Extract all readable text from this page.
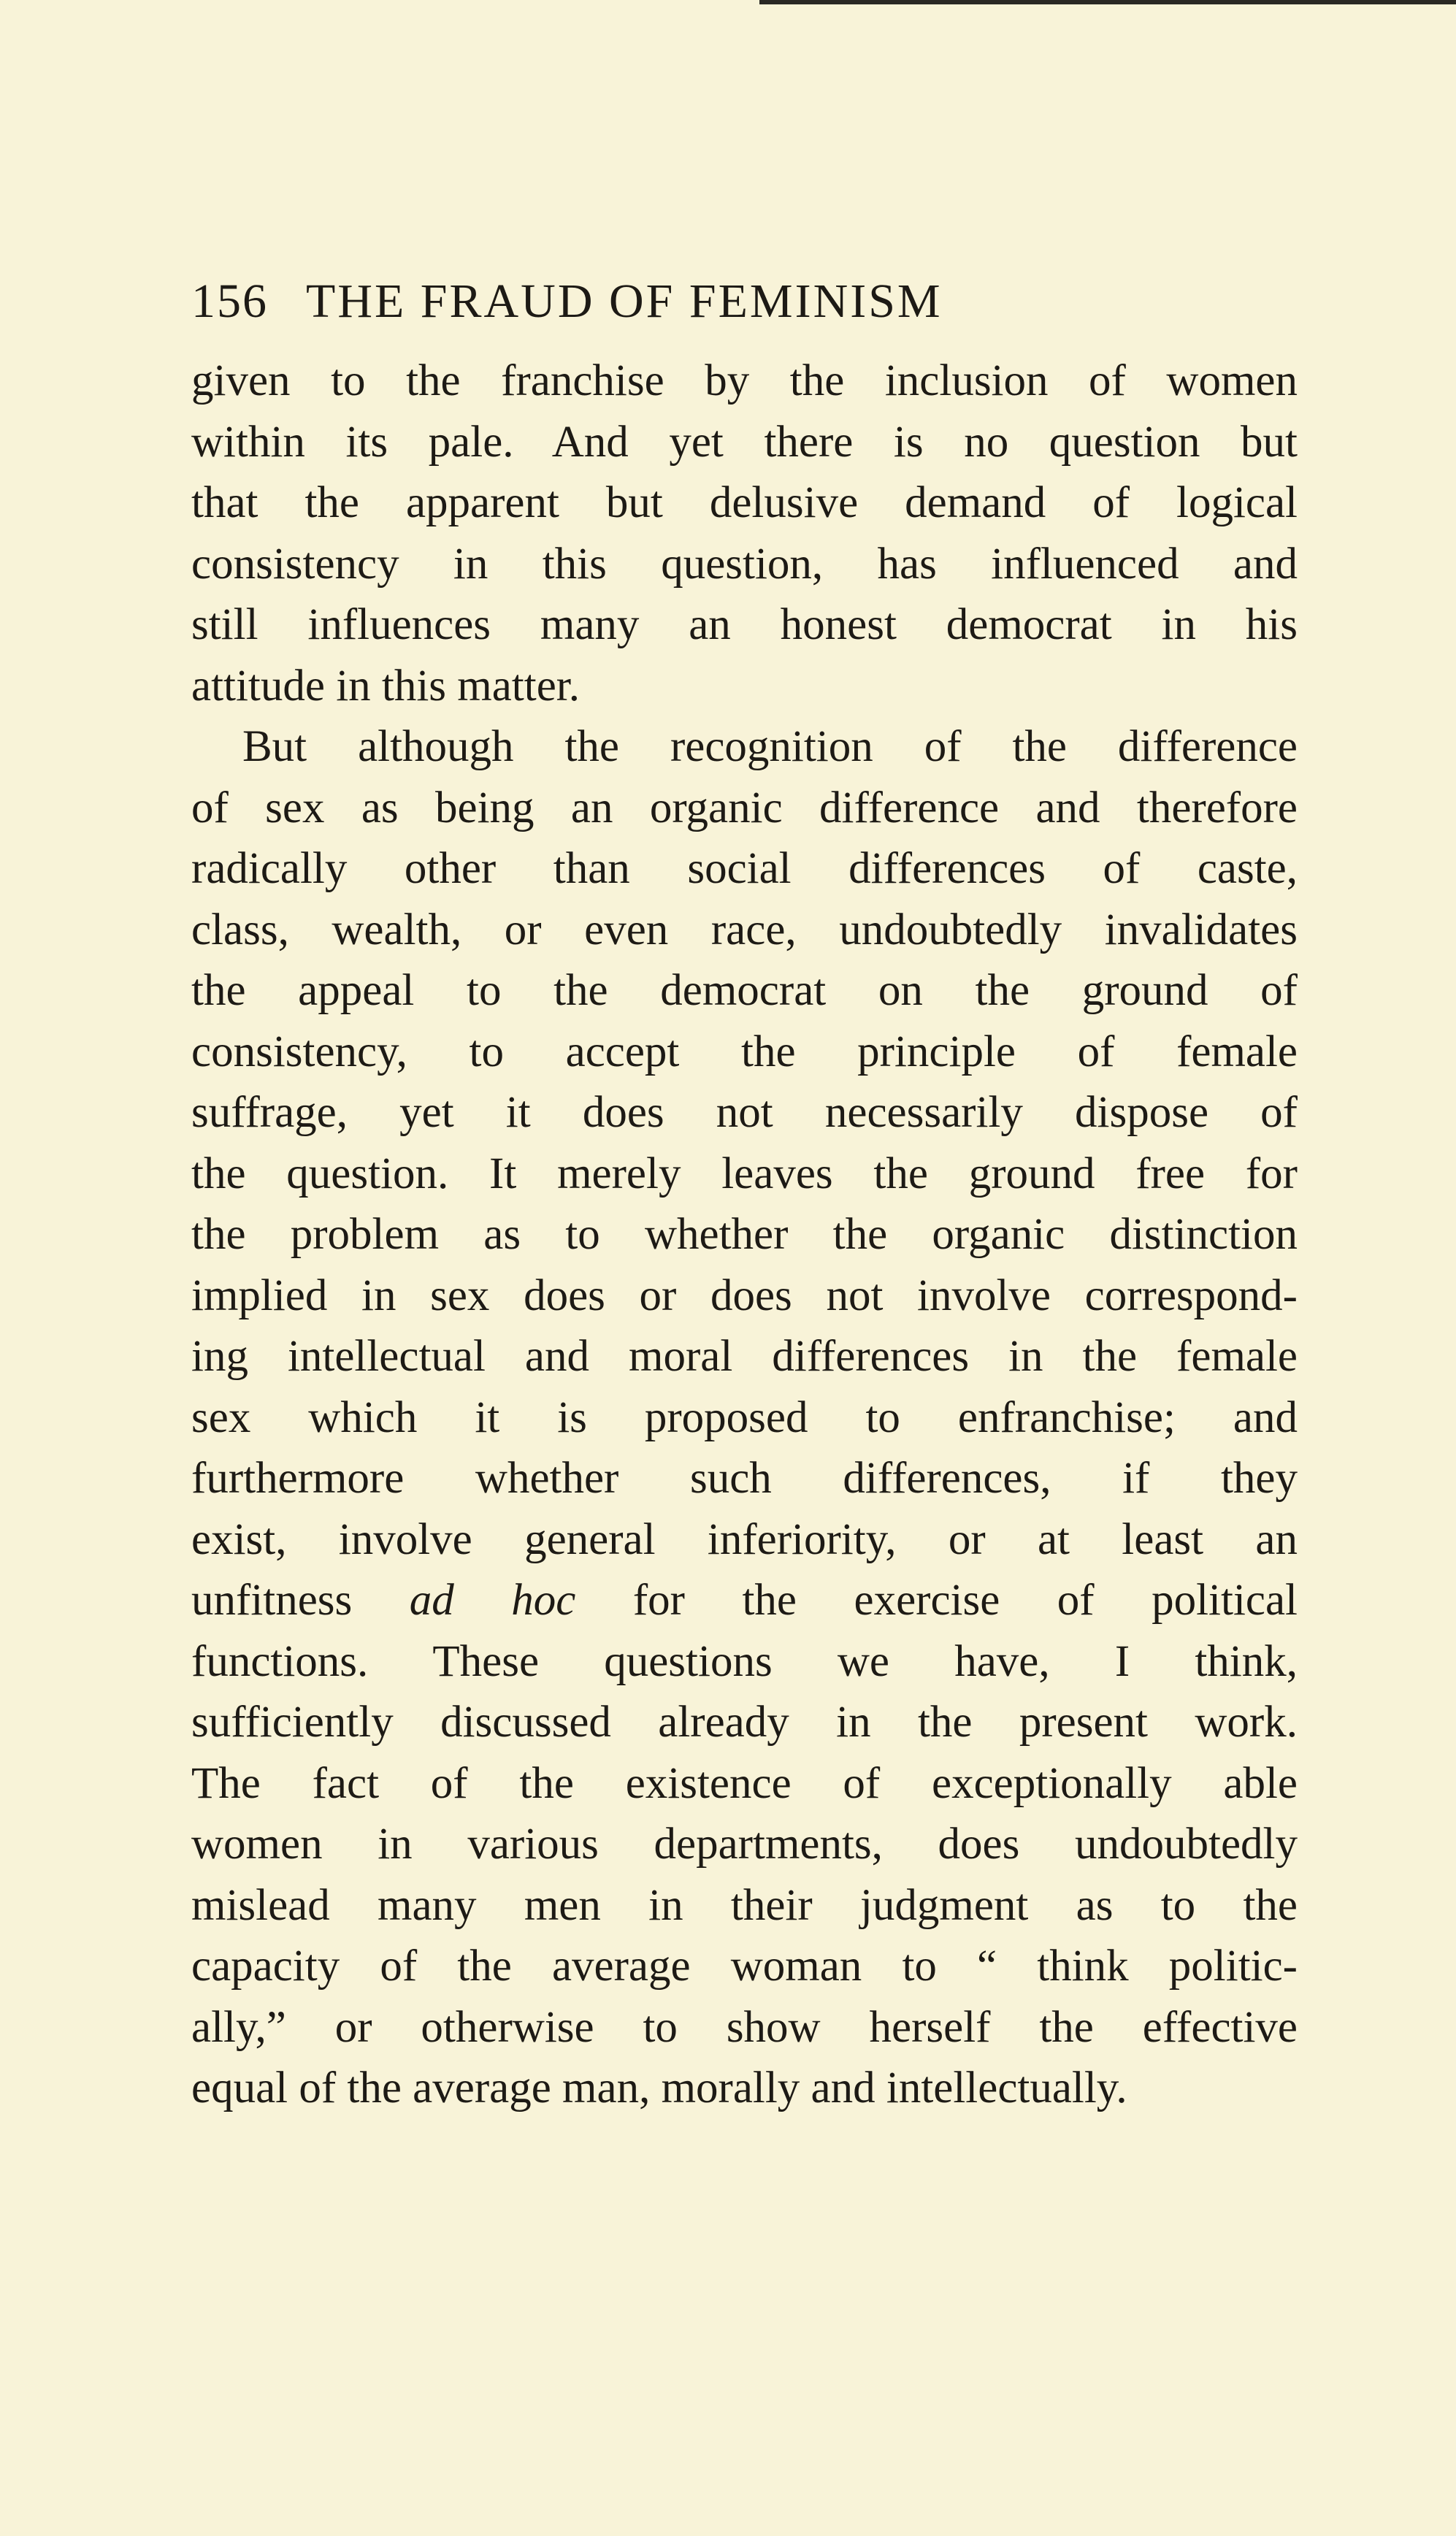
156 THE FRAUD OF FEMINISM

given to the franchise by the inclusion of women
within its pale. And yet there is no question but
that the apparent but delusive demand of logical
consistency in this question, has influenced and
still influences many an honest democrat in his
attitude in this matter.

But although the recognition of the difference
of sex as being an organic difference and therefore
radically other than social differences of caste,
class, wealth, or even race, undoubtedly invalidates
the appeal to the democrat on the ground of
consistency, to accept the principle of female
suffrage, yet it does not necessarily dispose of
the question. It merely leaves the ground free for
the problem as to whether the organic distinction
implied in sex does or does not involve correspond-
ing intellectual and moral differences in the female
sex which it is proposed to enfranchise; and
furthermore whether such differences, if they
exist, involve general inferiority, or at least an
unfitness ad hoc for the exercise of political
functions. These questions we have, I think,
sufficiently discussed already in the present work.
The fact of the existence of exceptionally able
women in various departments, does undoubtedly
mislead many men in their judgment as to the
capacity of the average woman to “ think politic-
ally,” or otherwise to show herself the effective
equal of the average man, morally and intellectually.
